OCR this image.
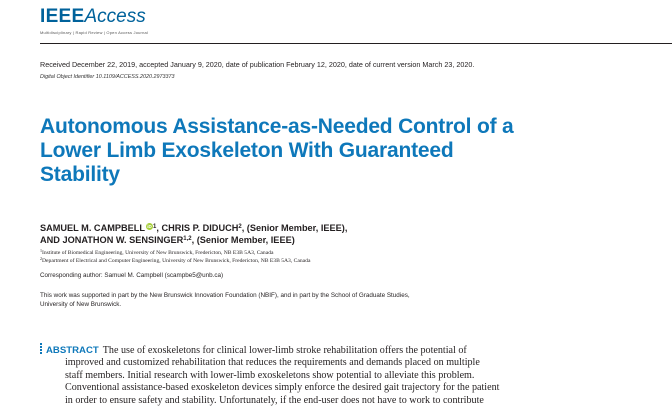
IEEEAccess
Multidisciplinary | Rapid Review | Open Access Journal
Received December 22, 2019, accepted January 9, 2020, date of publication February 12, 2020, date of current version March 23, 2020.
Digital Object Identifier 10.1109/ACCESS.2020.2973373
Autonomous Assistance-as-Needed Control of a
Lower Limb Exoskeleton With Guaranteed
Stability
SAMUEL M. CAMPBELL $iD^1$, CHRIS P. DIDUCH$^2$, (Senior Member, IEEE),
AND JONATHON W. SENSINGER$^{1,2}$, (Senior Member, IEEE)
$^1$Institute of Biomedical Engineering, University of New Brunswick, Fredericton, NB E3B 5A3, Canada
$^2$Department of Electrical and Computer Engineering, University of New Brunswick, Fredericton, NB E3B 5A3, Canada
Corresponding author: Samuel M. Campbell (scampbe5@unb.ca)
This work was supported in part by the New Brunswick Innovation Foundation (NBIF), and in part by the School of Graduate Studies,
University of New Brunswick.
ABSTRACT The use of exoskeletons for clinical lower-limb stroke rehabilitation offers the potential of
improved and customized rehabilitation that reduces the requirements and demands placed on multiple
staff members. Initial research with lower-limb exoskeletons show potential to alleviate this problem.
Conventional assistance-based exoskeleton devices simply enforce the desired gait trajectory for the patient
in order to ensure safety and stability. Unfortunately, if the end-user does not have to work to contribute
